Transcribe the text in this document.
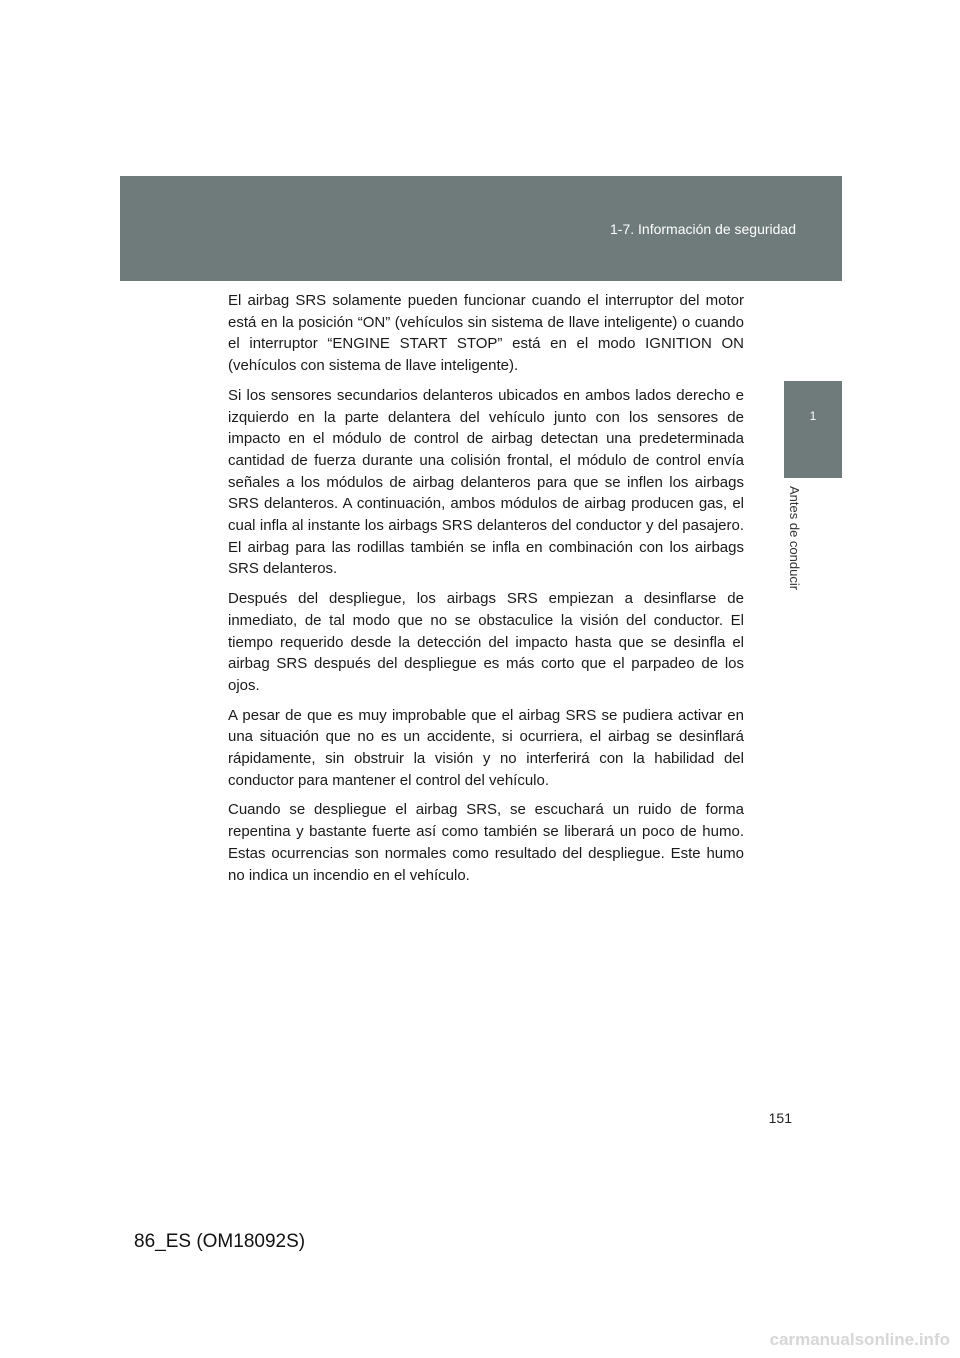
1-7. Información de seguridad
1
Antes de conducir

El airbag SRS solamente pueden funcionar cuando el interruptor del motor está en la posición “ON” (vehículos sin sistema de llave inteligente) o cuando el interruptor “ENGINE START STOP” está en el modo IGNITION ON (vehículos con sistema de llave inteligente).

Si los sensores secundarios delanteros ubicados en ambos lados derecho e izquierdo en la parte delantera del vehículo junto con los sensores de impacto en el módulo de control de airbag detectan una predeterminada cantidad de fuerza durante una colisión frontal, el módulo de control envía señales a los módulos de airbag delanteros para que se inflen los airbags SRS delanteros. A continuación, ambos módulos de airbag producen gas, el cual infla al instante los airbags SRS delanteros del conductor y del pasajero. El airbag para las rodillas también se infla en combinación con los airbags SRS delanteros.

Después del despliegue, los airbags SRS empiezan a desinflarse de inmediato, de tal modo que no se obstaculice la visión del conductor. El tiempo requerido desde la detección del impacto hasta que se desinfla el airbag SRS después del despliegue es más corto que el parpadeo de los ojos.

A pesar de que es muy improbable que el airbag SRS se pudiera activar en una situación que no es un accidente, si ocurriera, el airbag se desinflará rápidamente, sin obstruir la visión y no interferirá con la habilidad del conductor para mantener el control del vehículo.

Cuando se despliegue el airbag SRS, se escuchará un ruido de forma repentina y bastante fuerte así como también se liberará un poco de humo. Estas ocurrencias son normales como resultado del despliegue. Este humo no indica un incendio en el vehículo.

151
86_ES (OM18092S)
carmanualsonline.info
